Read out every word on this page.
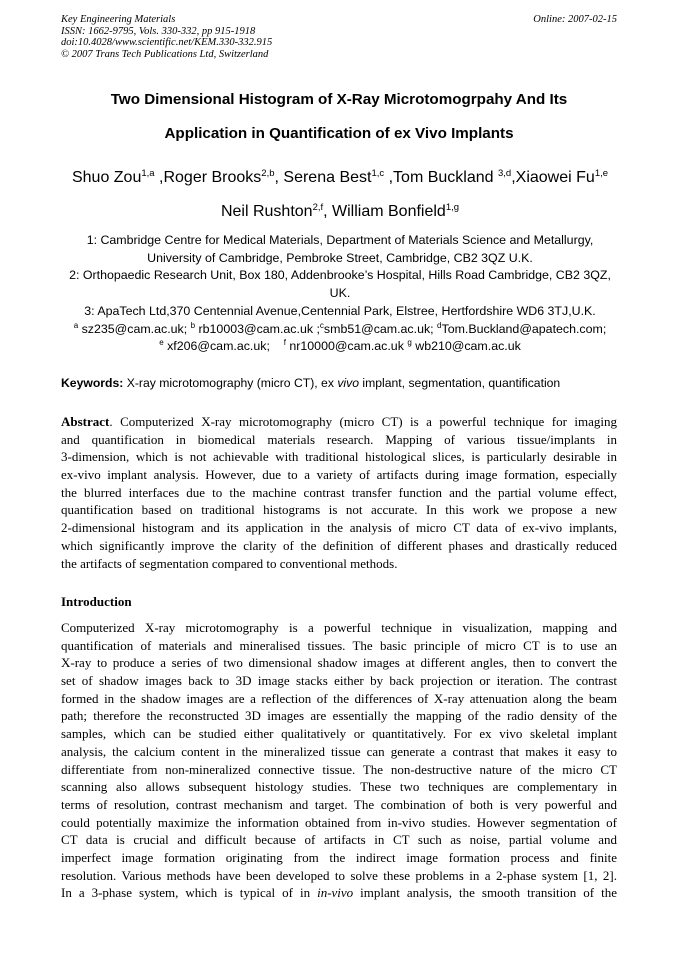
Key Engineering Materials
ISSN: 1662-9795, Vols. 330-332, pp 915-1918
doi:10.4028/www.scientific.net/KEM.330-332.915
© 2007 Trans Tech Publications Ltd, Switzerland
Online: 2007-02-15
Two Dimensional Histogram of X-Ray Microtomogrpahy And Its
Application in Quantification of ex Vivo Implants
Shuo Zou$^{1,a}$ ,Roger Brooks$^{2,b}$, Serena Best$^{1,c}$ ,Tom Buckland $^{3,d}$,Xiaowei Fu$^{1,e}$
Neil Rushton$^{2,f}$, William Bonfield$^{1,g}$
1: Cambridge Centre for Medical Materials, Department of Materials Science and Metallurgy,
University of Cambridge, Pembroke Street, Cambridge, CB2 3QZ U.K.
2: Orthopaedic Research Unit, Box 180, Addenbrooke’s Hospital, Hills Road Cambridge, CB2 3QZ,
UK.
3: ApaTech Ltd,370 Centennial Avenue,Centennial Park, Elstree, Hertfordshire WD6 3TJ,U.K.
$^a$ sz235@cam.ac.uk; $^b$ rb10003@cam.ac.uk ;$^c$smb51@cam.ac.uk; $^d$Tom.Buckland@apatech.com;
$^e$ xf206@cam.ac.uk; $^f$ nr10000@cam.ac.uk $^g$ wb210@cam.ac.uk
Keywords: X-ray microtomography (micro CT), ex vivo implant, segmentation, quantification
Abstract. Computerized X-ray microtomography (micro CT) is a powerful technique for imaging
and quantification in biomedical materials research. Mapping of various tissue/implants in
3-dimension, which is not achievable with traditional histological slices, is particularly desirable in
ex-vivo implant analysis. However, due to a variety of artifacts during image formation, especially
the blurred interfaces due to the machine contrast transfer function and the partial volume effect,
quantification based on traditional histograms is not accurate. In this work we propose a new
2-dimensional histogram and its application in the analysis of micro CT data of ex-vivo implants,
which significantly improve the clarity of the definition of different phases and drastically reduced
the artifacts of segmentation compared to conventional methods.
Introduction
Computerized X-ray microtomography is a powerful technique in visualization, mapping and
quantification of materials and mineralised tissues. The basic principle of micro CT is to use an
X-ray to produce a series of two dimensional shadow images at different angles, then to convert the
set of shadow images back to 3D image stacks either by back projection or iteration. The contrast
formed in the shadow images are a reflection of the differences of X-ray attenuation along the beam
path; therefore the reconstructed 3D images are essentially the mapping of the radio density of the
samples, which can be studied either qualitatively or quantitatively. For ex vivo skeletal implant
analysis, the calcium content in the mineralized tissue can generate a contrast that makes it easy to
differentiate from non-mineralized connective tissue. The non-destructive nature of the micro CT
scanning also allows subsequent histology studies. These two techniques are complementary in
terms of resolution, contrast mechanism and target. The combination of both is very powerful and
could potentially maximize the information obtained from in-vivo studies. However segmentation of
CT data is crucial and difficult because of artifacts in CT such as noise, partial volume and
imperfect image formation originating from the indirect image formation process and finite
resolution. Various methods have been developed to solve these problems in a 2-phase system [1, 2].
In a 3-phase system, which is typical of in in-vivo implant analysis, the smooth transition of the
